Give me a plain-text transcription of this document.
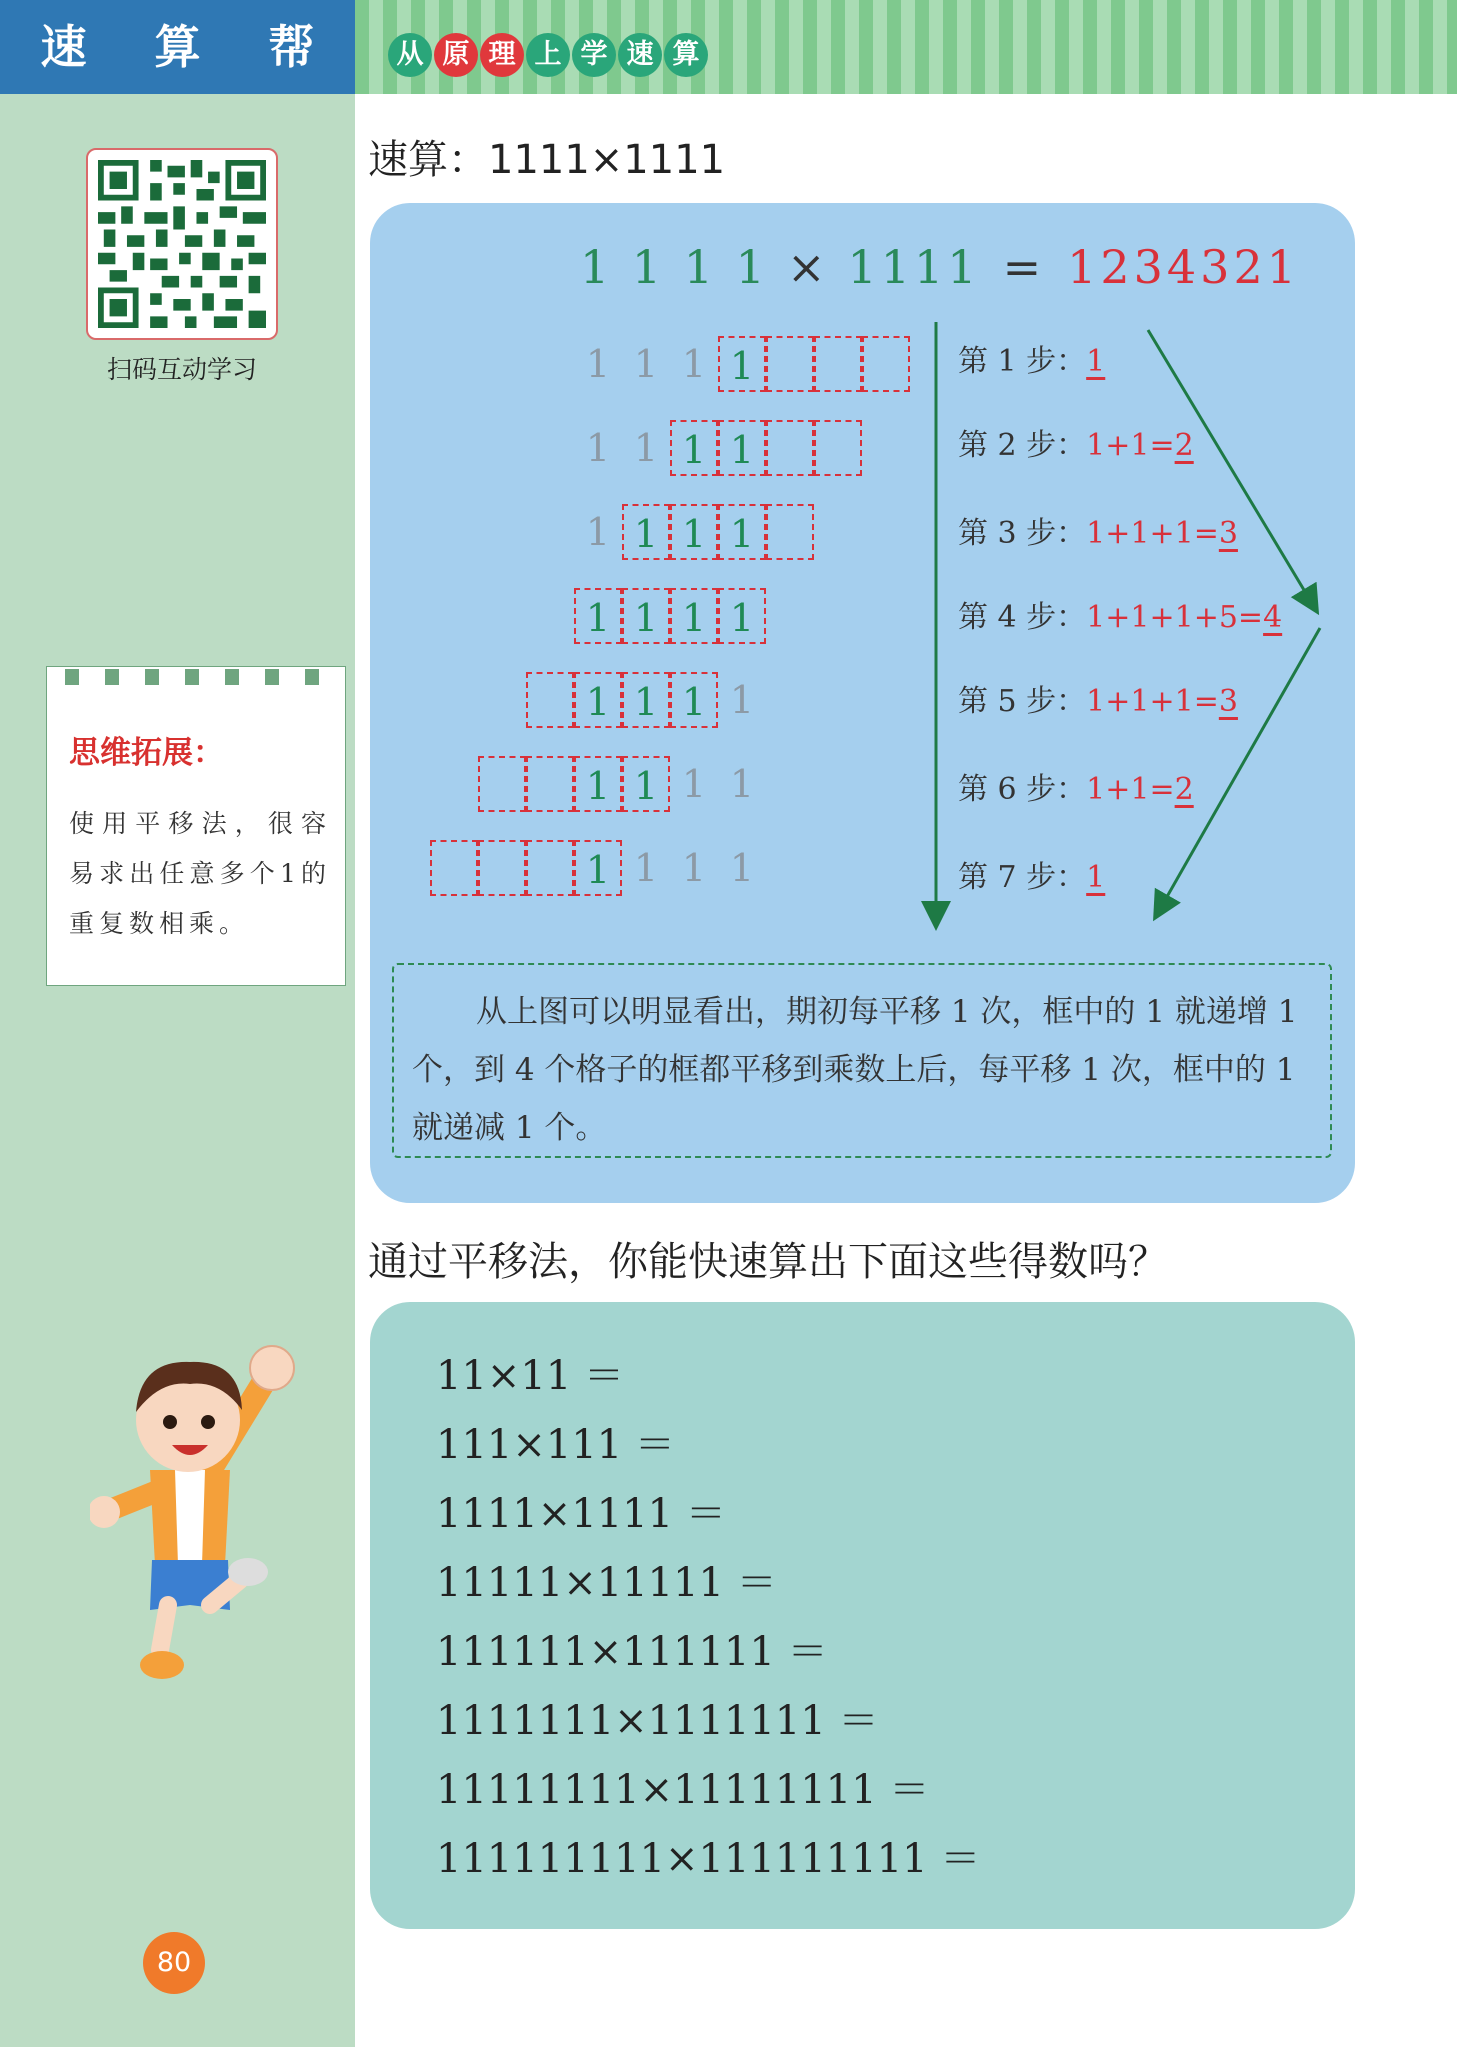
速 算 帮
扫码互动学习
思维拓展：
使用平移法，很容易求出任意多个1的重复数相乘。
80
从 原 理 上 学 速 算
速算：1111×1111
1 1 1 1 × 1111 = 1234321
1 1 1 1
1 1 1 1
1 1 1 1
1 1 1 1
1 1 1 1
1 1 1 1
1 1 1 1
第 1 步：1
第 2 步：1+1=2
第 3 步：1+1+1=3
第 4 步：1+1+1+5=4
第 5 步：1+1+1=3
第 6 步：1+1=2
第 7 步：1
从上图可以明显看出，期初每平移 1 次，框中的 1 就递增 1 个，到 4 个格子的框都平移到乘数上后，每平移 1 次，框中的 1 就递减 1 个。
通过平移法，你能快速算出下面这些得数吗？
11×11 ＝
111×111 ＝
1111×1111 ＝
11111×11111 ＝
111111×111111 ＝
1111111×1111111 ＝
11111111×11111111 ＝
111111111×111111111 ＝
